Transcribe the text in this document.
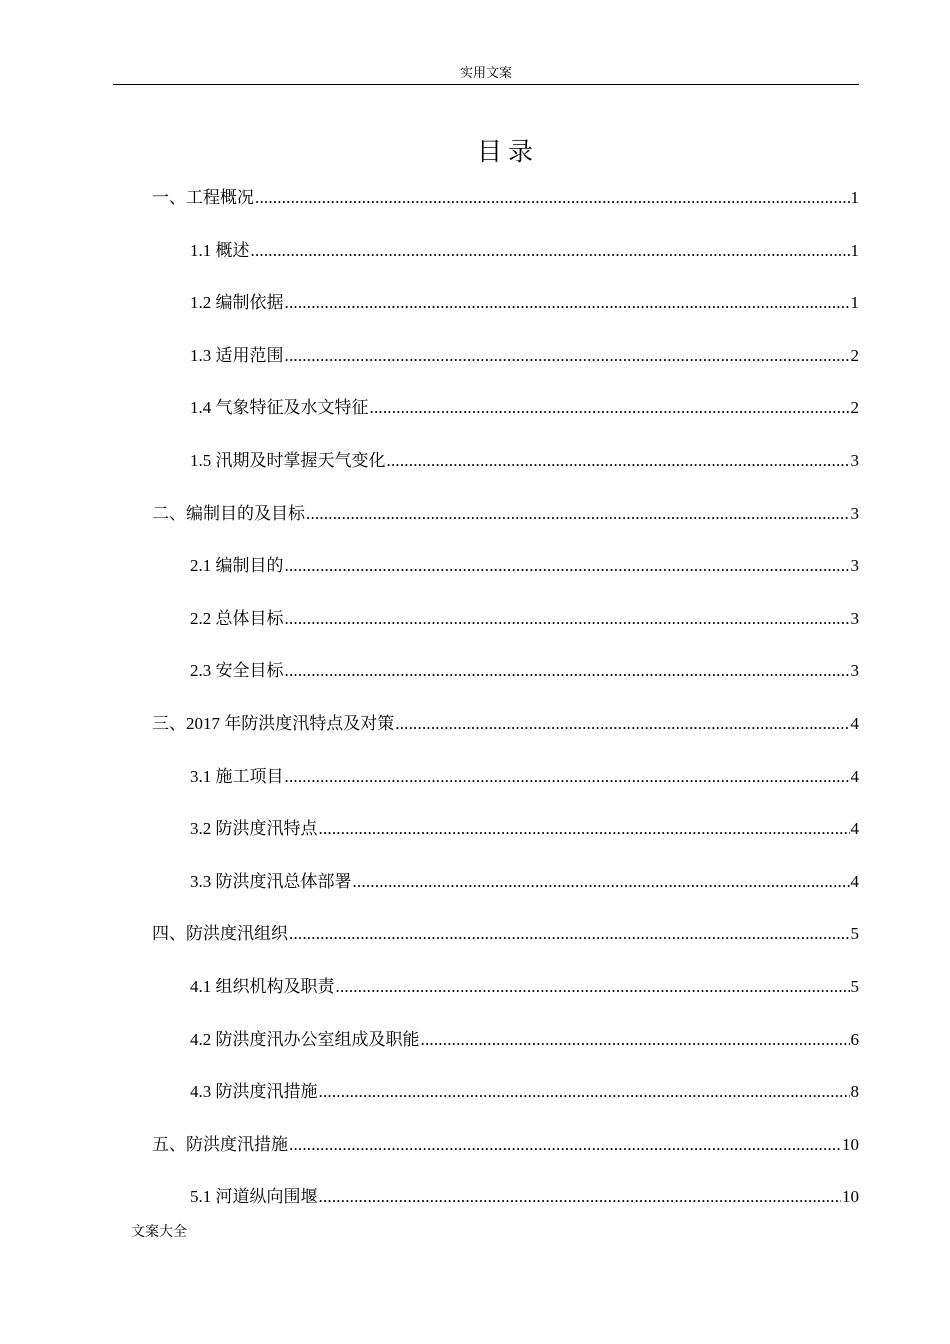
实用文案
目录
一、工程概况 .....	1
1.1 概述 .....	1
1.2 编制依据 .....	1
1.3 适用范围 .....	2
1.4 气象特征及水文特征 .....	2
1.5 汛期及时掌握天气变化 .....	3
二、编制目的及目标 .....	3
2.1 编制目的 .....	3
2.2 总体目标 .....	3
2.3 安全目标 .....	3
三、2017 年防洪度汛特点及对策 .....	4
3.1 施工项目 .....	4
3.2 防洪度汛特点 .....	4
3.3 防洪度汛总体部署 .....	4
四、防洪度汛组织 .....	5
4.1 组织机构及职责 .....	5
4.2 防洪度汛办公室组成及职能 .....	6
4.3 防洪度汛措施 .....	8
五、防洪度汛措施 .....	10
5.1 河道纵向围堰 .....	10
文案大全
